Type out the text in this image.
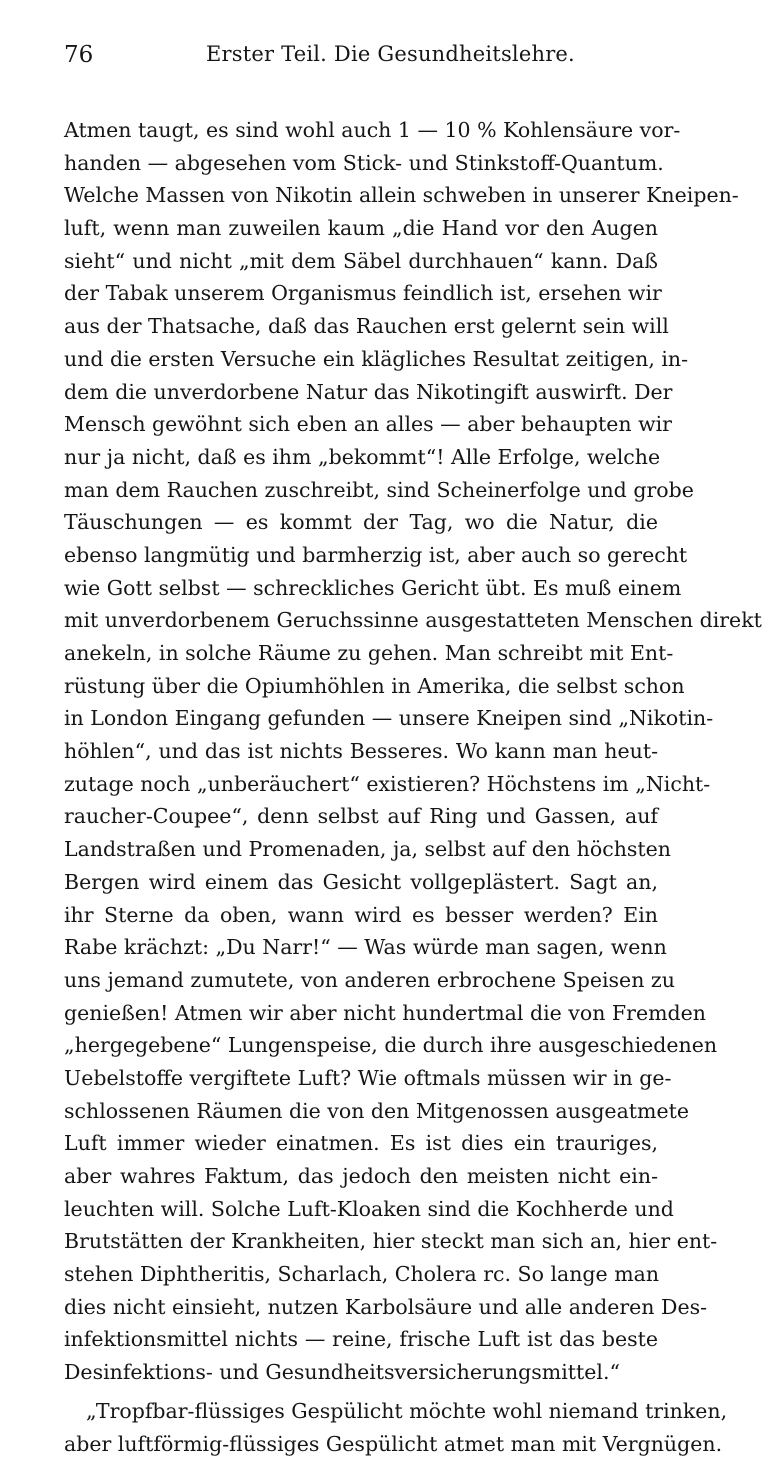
76	Erster Teil. Die Gesundheitslehre.
Atmen taugt, es sind wohl auch 1 — 10 % Kohlensäure vor-
handen — abgesehen vom Stick- und Stinkstoff-Quantum.
Welche Massen von Nikotin allein schweben in unserer Kneipen-
luft, wenn man zuweilen kaum „die Hand vor den Augen
sieht“ und nicht „mit dem Säbel durchhauen“ kann. Daß
der Tabak unserem Organismus feindlich ist, ersehen wir
aus der Thatsache, daß das Rauchen erst gelernt sein will
und die ersten Versuche ein klägliches Resultat zeitigen, in-
dem die unverdorbene Natur das Nikotingift auswirft. Der
Mensch gewöhnt sich eben an alles — aber behaupten wir
nur ja nicht, daß es ihm „bekommt“! Alle Erfolge, welche
man dem Rauchen zuschreibt, sind Scheinerfolge und grobe
Täuschungen — es kommt der Tag, wo die Natur, die
ebenso langmütig und barmherzig ist, aber auch so gerecht
wie Gott selbst — schreckliches Gericht übt. Es muß einem
mit unverdorbenem Geruchssinne ausgestatteten Menschen direkt
anekeln, in solche Räume zu gehen. Man schreibt mit Ent-
rüstung über die Opiumhöhlen in Amerika, die selbst schon
in London Eingang gefunden — unsere Kneipen sind „Nikotin-
höhlen“, und das ist nichts Besseres. Wo kann man heut-
zutage noch „unberäuchert“ existieren? Höchstens im „Nicht-
raucher-Coupee“, denn selbst auf Ring und Gassen, auf
Landstraßen und Promenaden, ja, selbst auf den höchsten
Bergen wird einem das Gesicht vollgeplästert. Sagt an,
ihr Sterne da oben, wann wird es besser werden? Ein
Rabe krächzt: „Du Narr!“ — Was würde man sagen, wenn
uns jemand zumutete, von anderen erbrochene Speisen zu
genießen! Atmen wir aber nicht hundertmal die von Fremden
„hergegebene“ Lungenspeise, die durch ihre ausgeschiedenen
Uebelstoffe vergiftete Luft? Wie oftmals müssen wir in ge-
schlossenen Räumen die von den Mitgenossen ausgeatmete
Luft immer wieder einatmen. Es ist dies ein trauriges,
aber wahres Faktum, das jedoch den meisten nicht ein-
leuchten will. Solche Luft-Kloaken sind die Kochherde und
Brutstätten der Krankheiten, hier steckt man sich an, hier ent-
stehen Diphtheritis, Scharlach, Cholera rc. So lange man
dies nicht einsieht, nutzen Karbolsäure und alle anderen Des-
infektionsmittel nichts — reine, frische Luft ist das beste
Desinfektions- und Gesundheitsversicherungsmittel.“
„Tropfbar-flüssiges Gespülicht möchte wohl niemand trinken,
aber luftförmig-flüssiges Gespülicht atmet man mit Vergnügen.
